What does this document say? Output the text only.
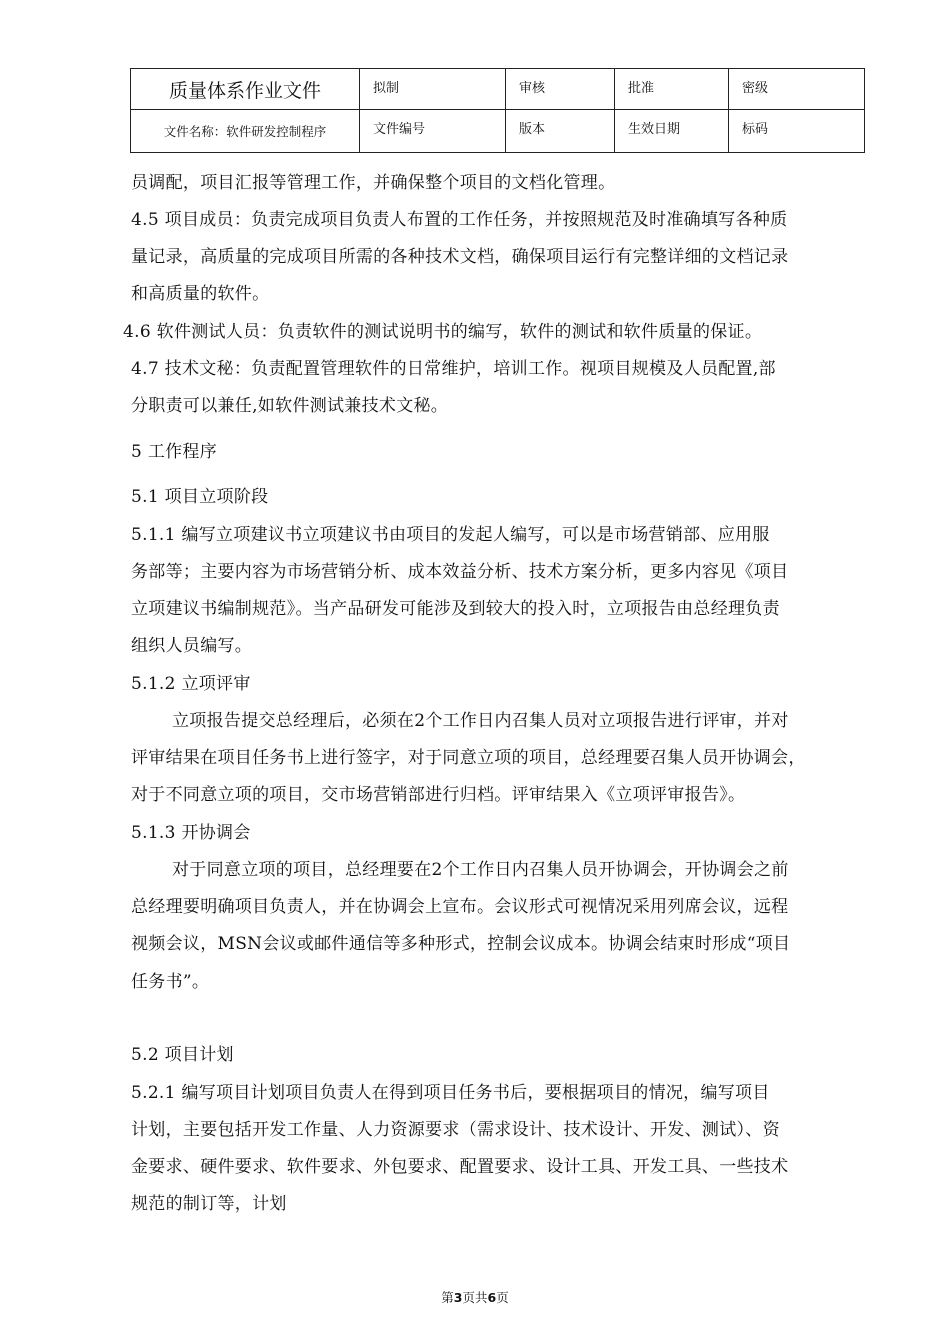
质量体系作业文件	拟制	审核	批准	密级
文件名称：软件研发控制程序	文件编号	版本	生效日期	标码
员调配，项目汇报等管理工作，并确保整个项目的文档化管理。
4.5 项目成员：负责完成项目负责人布置的工作任务，并按照规范及时准确填写各种质
量记录，高质量的完成项目所需的各种技术文档，确保项目运行有完整详细的文档记录
和高质量的软件。
4.6 软件测试人员：负责软件的测试说明书的编写，软件的测试和软件质量的保证。
4.7 技术文秘：负责配置管理软件的日常维护，培训工作。视项目规模及人员配置,部
分职责可以兼任,如软件测试兼技术文秘。
5 工作程序
5.1 项目立项阶段
5.1.1 编写立项建议书立项建议书由项目的发起人编写，可以是市场营销部、应用服
务部等；主要内容为市场营销分析、成本效益分析、技术方案分析，更多内容见《项目
立项建议书编制规范》。当产品研发可能涉及到较大的投入时，立项报告由总经理负责
组织人员编写。
5.1.2 立项评审
立项报告提交总经理后，必须在2个工作日内召集人员对立项报告进行评审，并对
评审结果在项目任务书上进行签字，对于同意立项的项目，总经理要召集人员开协调会，
对于不同意立项的项目，交市场营销部进行归档。评审结果入《立项评审报告》。
5.1.3 开协调会
对于同意立项的项目，总经理要在2个工作日内召集人员开协调会，开协调会之前
总经理要明确项目负责人，并在协调会上宣布。会议形式可视情况采用列席会议，远程
视频会议，MSN会议或邮件通信等多种形式，控制会议成本。协调会结束时形成“项目
任务书”。
5.2 项目计划
5.2.1 编写项目计划项目负责人在得到项目任务书后，要根据项目的情况，编写项目
计划，主要包括开发工作量、人力资源要求（需求设计、技术设计、开发、测试）、资
金要求、硬件要求、软件要求、外包要求、配置要求、设计工具、开发工具、一些技术
规范的制订等，计划
第3页共6页
